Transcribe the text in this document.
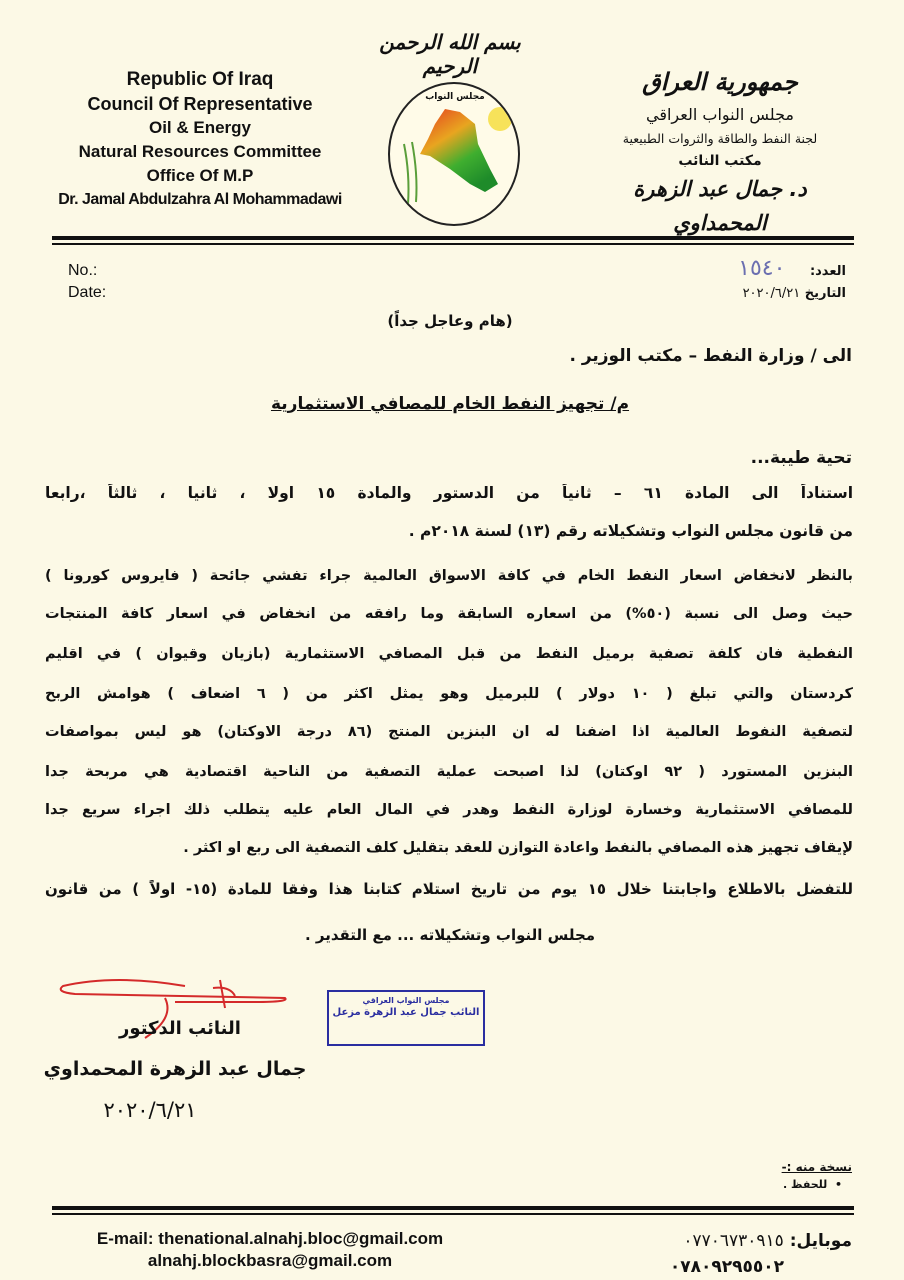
بسم الله الرحمن الرحيم
Republic Of Iraq
Council Of Representative
Oil & Energy
Natural Resources Committee
Office Of M.P
Dr. Jamal Abdulzahra Al Mohammadawi
مجلس النواب
جمهورية العراق
مجلس النواب العراقي
لجنة النفط والطاقة والثروات الطبيعية
مكتب النائب
د. جمال عبد الزهرة المحمداوي
No.:
Date:
العدد: ١٥٤٠
التاريخ ٢٠٢٠/٦/٢١
(هام وعاجل جداً)
الى / وزارة النفط – مكتب الوزير .
م/ تجهيز النفط الخام للمصافي الاستثمارية
تحية طيبة...
استناداً الى المادة ٦١ – ثانياً من الدستور والمادة ١٥ اولا ، ثانيا ، ثالثاً ،رابعا
من قانون مجلس النواب وتشكيلاته رقم (١٣) لسنة ٢٠١٨م .
بالنظر لانخفاض اسعار النفط الخام في كافة الاسواق العالمية جراء تفشي جائحة ( فايروس كورونا )
حيث وصل الى نسبة (٥٠%) من اسعاره السابقة وما رافقه من انخفاض في اسعار كافة المنتجات
النفطية فان كلفة تصفية برميل النفط من قبل المصافي الاستثمارية (بازيان وقيوان ) في اقليم
كردستان والتي تبلغ ( ١٠ دولار ) للبرميل وهو يمثل اكثر من ( ٦ اضعاف ) هوامش الربح
لتصفية النفوط العالمية اذا اضفنا له ان البنزين المنتج (٨٦ درجة الاوكتان) هو ليس بمواصفات
البنزين المستورد ( ٩٢ اوكتان) لذا اصبحت عملية التصفية من الناحية اقتصادية هي مربحة جدا
للمصافي الاستثمارية وخسارة لوزارة النفط وهدر في المال العام عليه يتطلب ذلك اجراء سريع جدا
لإيقاف تجهيز هذه المصافي بالنفط واعادة التوازن للعقد بتقليل كلف التصفية الى ربع او اكثر .
للتفضل بالاطلاع واجابتنا خلال ١٥ يوم من تاريخ استلام كتابنا هذا وفقا للمادة (١٥- اولاً ) من قانون
مجلس النواب وتشكيلاته ... مع التقدير .
مجلس النواب العراقي
النائب جمال عبد الزهرة مزعل
النائب الدكتور
جمال عبد الزهرة المحمداوي
٢٠٢٠/٦/٢١
نسخة منه :-
•  للحفظ .
E-mail: thenational.alnahj.bloc@gmail.com
alnahj.blockbasra@gmail.com
موبايل: ٠٧٧٠٦٧٣٠٩١٥
٠٧٨٠٩٢٩٥٥٠٢
